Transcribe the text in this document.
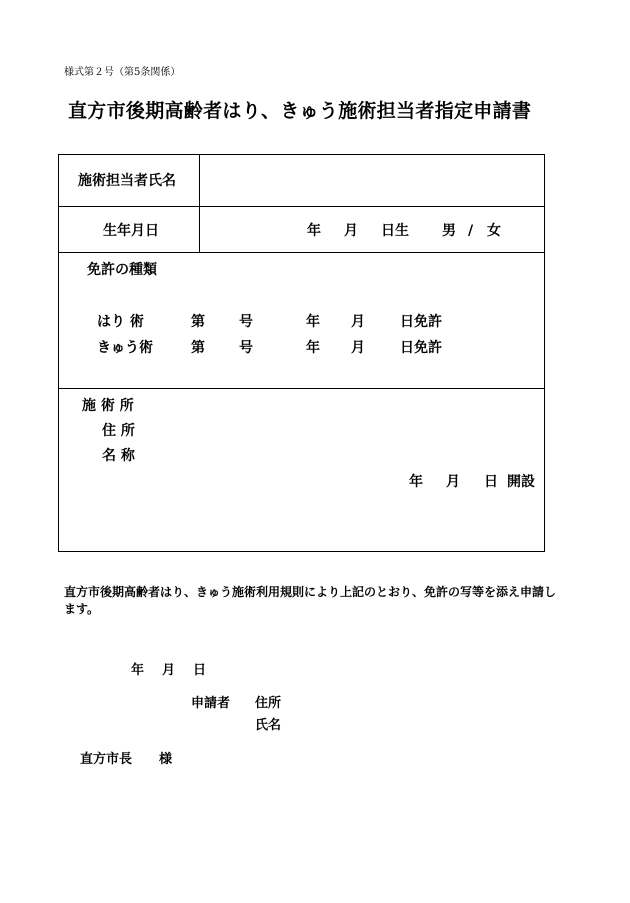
様式第２号（第5条関係）
直方市後期高齢者はり、きゅう施術担当者指定申請書
施術担当者氏名
生年月日	年 月 日生 男 / 女
免許の種類
はり 術	第 号	年 月	日免許
きゅう術	第 号	年 月	日免許
施 術 所
住 所
名 称
年 月 日 開設
直方市後期高齢者はり、きゅう施術利用規則により上記のとおり、免許の写等を添え申請します。
年 月 日
申請者 住所
氏名
直方市長 様
